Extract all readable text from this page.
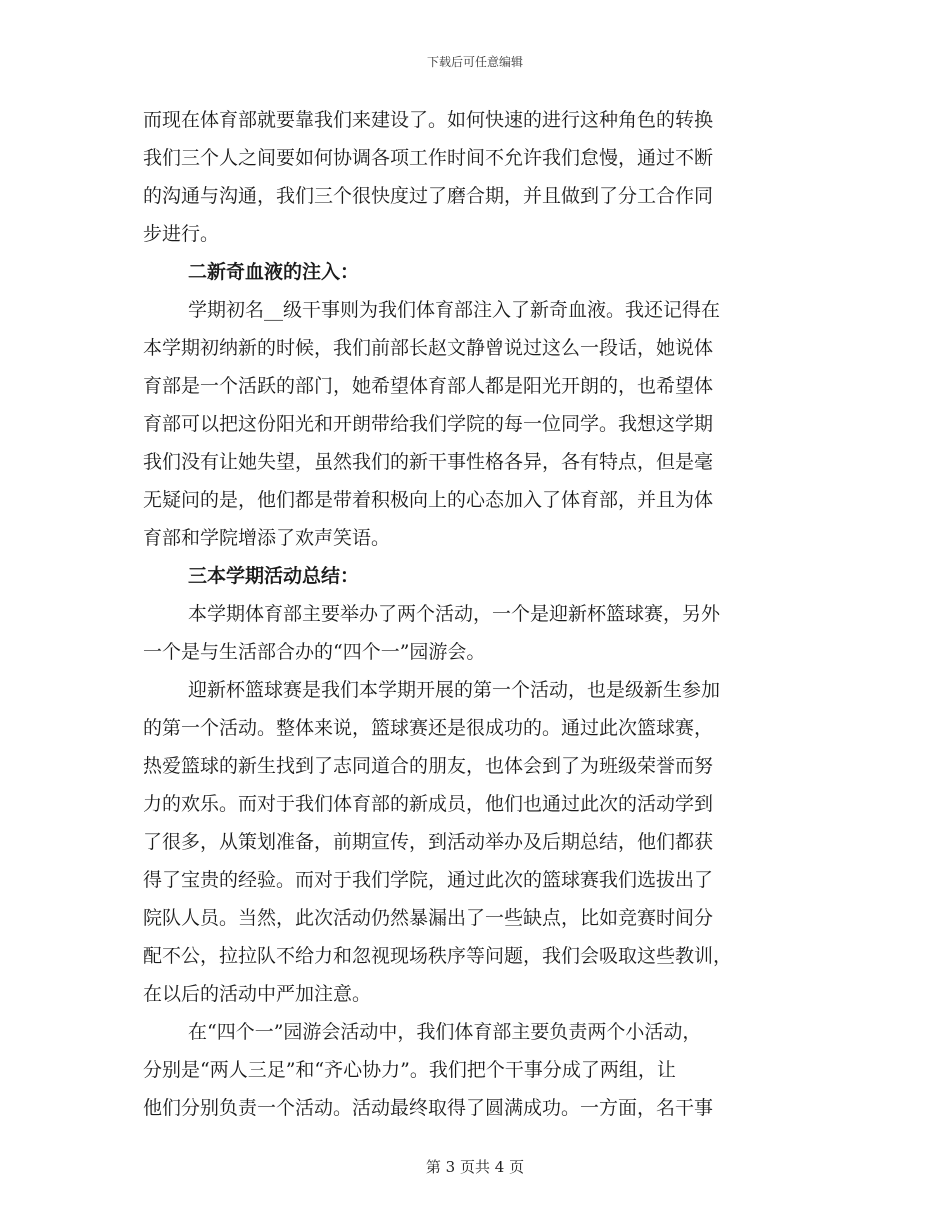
下载后可任意编辑
而现在体育部就要靠我们来建设了。如何快速的进行这种角色的转换
我们三个人之间要如何协调各项工作时间不允许我们怠慢，通过不断
的沟通与沟通，我们三个很快度过了磨合期，并且做到了分工合作同
步进行。
二新奇血液的注入：
学期初名__级干事则为我们体育部注入了新奇血液。我还记得在
本学期初纳新的时候，我们前部长赵文静曾说过这么一段话，她说体
育部是一个活跃的部门，她希望体育部人都是阳光开朗的，也希望体
育部可以把这份阳光和开朗带给我们学院的每一位同学。我想这学期
我们没有让她失望，虽然我们的新干事性格各异，各有特点，但是毫
无疑问的是，他们都是带着积极向上的心态加入了体育部，并且为体
育部和学院增添了欢声笑语。
三本学期活动总结：
本学期体育部主要举办了两个活动，一个是迎新杯篮球赛，另外
一个是与生活部合办的“四个一”园游会。
迎新杯篮球赛是我们本学期开展的第一个活动，也是级新生参加
的第一个活动。整体来说，篮球赛还是很成功的。通过此次篮球赛，
热爱篮球的新生找到了志同道合的朋友，也体会到了为班级荣誉而努
力的欢乐。而对于我们体育部的新成员，他们也通过此次的活动学到
了很多，从策划准备，前期宣传，到活动举办及后期总结，他们都获
得了宝贵的经验。而对于我们学院，通过此次的篮球赛我们选拔出了
院队人员。当然，此次活动仍然暴漏出了一些缺点，比如竞赛时间分
配不公，拉拉队不给力和忽视现场秩序等问题，我们会吸取这些教训，
在以后的活动中严加注意。
在“四个一”园游会活动中，我们体育部主要负责两个小活动，
分别是“两人三足”和“齐心协力”。我们把个干事分成了两组，让
他们分别负责一个活动。活动最终取得了圆满成功。一方面，名干事
第 3 页共 4 页
